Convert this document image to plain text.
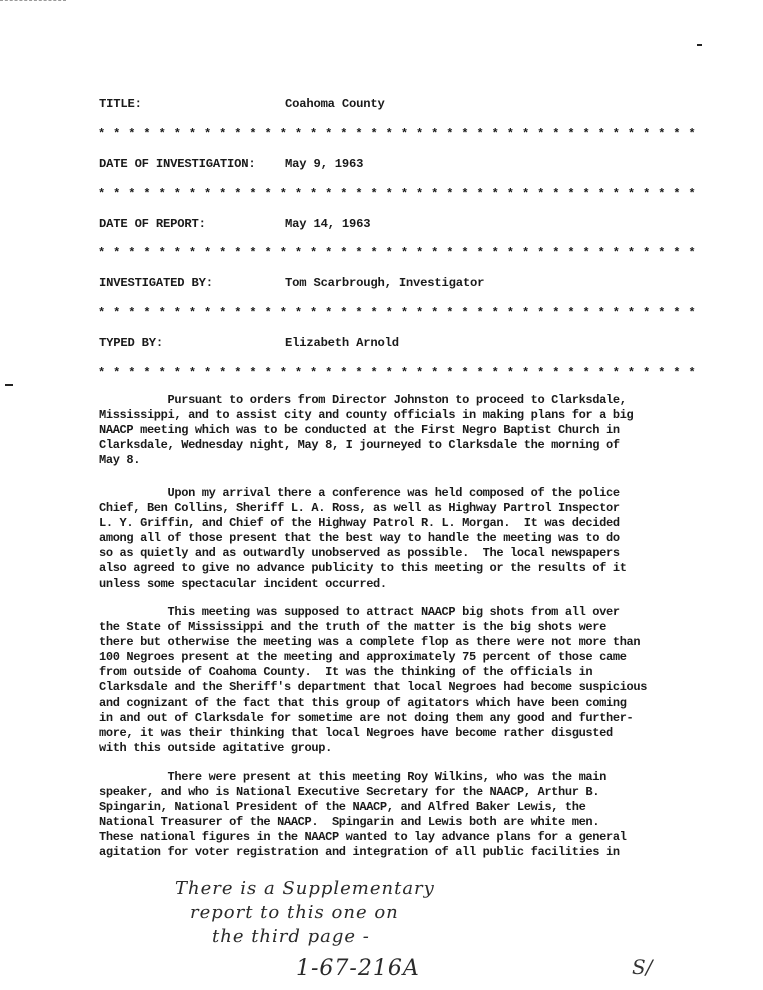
TITLE:	Coahoma County
* * * * * * * * * * * * * * * * * * * * * * * * * * * * * * * * * * * * * * * *
DATE OF INVESTIGATION: May 9, 1963
* * * * * * * * * * * * * * * * * * * * * * * * * * * * * * * * * * * * * * * *
DATE OF REPORT:	May 14, 1963
* * * * * * * * * * * * * * * * * * * * * * * * * * * * * * * * * * * * * * * *
INVESTIGATED BY:	Tom Scarbrough, Investigator
* * * * * * * * * * * * * * * * * * * * * * * * * * * * * * * * * * * * * * * *
TYPED BY:	Elizabeth Arnold
* * * * * * * * * * * * * * * * * * * * * * * * * * * * * * * * * * * * * * * *

Pursuant to orders from Director Johnston to proceed to Clarksdale,

Mississippi, and to assist city and county officials in making plans for a big

NAACP meeting which was to be conducted at the First Negro Baptist Church in

Clarksdale, Wednesday night, May 8, I journeyed to Clarksdale the morning of

May 8.

Upon my arrival there a conference was held composed of the police

Chief, Ben Collins, Sheriff L. A. Ross, as well as Highway Partrol Inspector

L. Y. Griffin, and Chief of the Highway Patrol R. L. Morgan.  It was decided

among all of those present that the best way to handle the meeting was to do

so as quietly and as outwardly unobserved as possible.  The local newspapers

also agreed to give no advance publicity to this meeting or the results of it

unless some spectacular incident occurred.

This meeting was supposed to attract NAACP big shots from all over

the State of Mississippi and the truth of the matter is the big shots were

there but otherwise the meeting was a complete flop as there were not more than

100 Negroes present at the meeting and approximately 75 percent of those came

from outside of Coahoma County.  It was the thinking of the officials in

Clarksdale and the Sheriff's department that local Negroes had become suspicious

and cognizant of the fact that this group of agitators which have been coming

in and out of Clarksdale for sometime are not doing them any good and further-

more, it was their thinking that local Negroes have become rather disgusted

with this outside agitative group.

There were present at this meeting Roy Wilkins, who was the main

speaker, and who is National Executive Secretary for the NAACP, Arthur B.

Spingarin, National President of the NAACP, and Alfred Baker Lewis, the

National Treasurer of the NAACP.  Spingarin and Lewis both are white men.

These national figures in the NAACP wanted to lay advance plans for a general

agitation for voter registration and integration of all public facilities in

There is a Supplementary
report to this one on
the third page -
1-67-216A	S/
